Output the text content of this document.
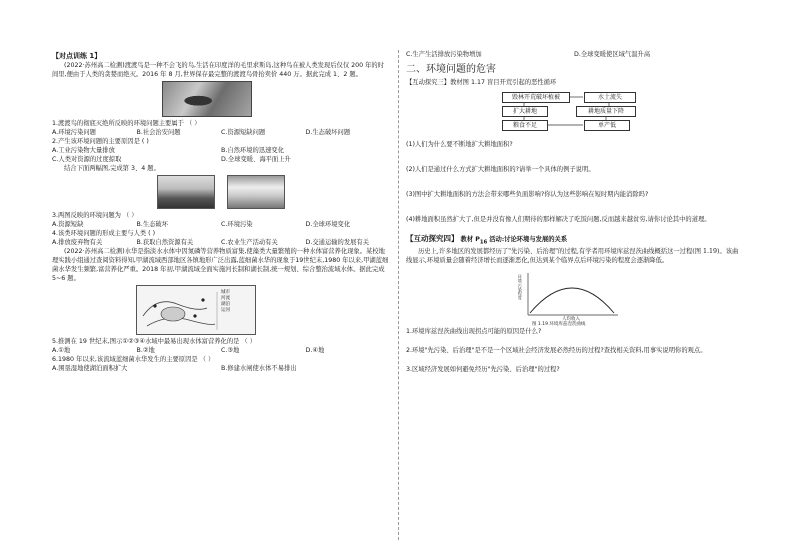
【对点训练 1】

(2022·苏州高二检测)渡渡鸟是一种不会飞的鸟,生活在印度洋的毛里求斯岛,这种鸟在被人类发现后仅仅 200 年的时间里,便由于人类的贪婪而绝灭。2016 年 8 月,世界保存最完整的渡渡鸟骨抬卖价 440 万。据此完成 1、2 题。

1.渡渡鸟的彻底灭绝所反映的环境问题主要属于 （ ）

A.环境污染问题	B.社会治安问题	C.资源短缺问题	D.生态破坏问题

2.产生该环境问题的主要原因是 ( )

A.工业污染物大量排放	B.自然环境的迅速变化
C.人类对资源的过度掠取	D.全球变暖、海平面上升

结合下面两幅图,完成第 3、4 题。

3.两图反映的环境问题为 （ ）

A.资源短缺	B.生态破坏	C.环境污染	D.全球环境变化

4.该类环境问题的形成主要与人类 ( )

A.排放废弃物有关	B.获取自然资源有关	C.农业生产活动有关	D.交通运输的发展有关

(2022·苏州高二检测)水华是指淡水水体中因氮磷等营养物质富集,使藻类大量繁殖的一种水体富营养化现象。某校地理实践小组通过查阅资料得知,甲湖流域西部地区各镇地形广泛出露,蓝细菌水华的现象于19世纪末,1980 年以来,甲湖蓝细菌水华发生频繁,富营养化严重。2018 年初,甲湖流域全面实施河长制和湖长制,统一规划、综合整治流域水体。据此完成 5~6 题。

城市
河流
湖泊
运河

5.推测在 19 世纪末,图示①②③④水域中最易出现水体富营养化的是 （ ）

A.①地	B.②地	C.③地	D.④地

6.1980 年以来,该流域蓝细菌水华发生的主要原因是 （ ）

A.围垦湿地使湖泊面积扩大	B.修建水闸使水体不易排出
C.生产生活排放污染物增加	D.全球变暖使区域气温升高

二、环境问题的危害

【互动探究三】教材图 1.17 盲目开荒引起的恶性循环

毁林开荒破坏植被	水土流失
扩大耕地	耕地质量下降
粮食不足	单产低

(1)人们为什么要不断地扩大耕地面积?

(2)人们是通过什么方式扩大耕地面积的?请举一个具体的例子说明。

(3)图中扩大耕地面积的方法会带来哪些负面影响?你认为这些影响在短时期内能消除吗?

(4)耕地面积虽然扩大了,但是并没有像人们期待的那样解决了吃饭问题,反而越来越贫穷,请你讨论其中的道理。

【互动探究四】 教材 $P_{16}$ 活动:讨论环境与发展的关系

历史上,许多地区的发展都经历了"先污染、后治理"的过程,有学者用环境库兹涅茨曲线概括这一过程(图 1.19)。该曲线显示,环境质量会随着经济增长而逐渐恶化,但达到某个临界点后环境污染的程度会逐渐降低。

环境污染程度
人均收入
图 1.19 环境库兹涅茨曲线

1.环境库兹涅茨曲线出现拐点可能的原因是什么?

2.环境"先污染、后治理"是不是一个区域社会经济发展必然经历的过程?查找相关资料,用事实说明你的观点。

3.区域经济发展如何避免经历"先污染、后治理"的过程?
